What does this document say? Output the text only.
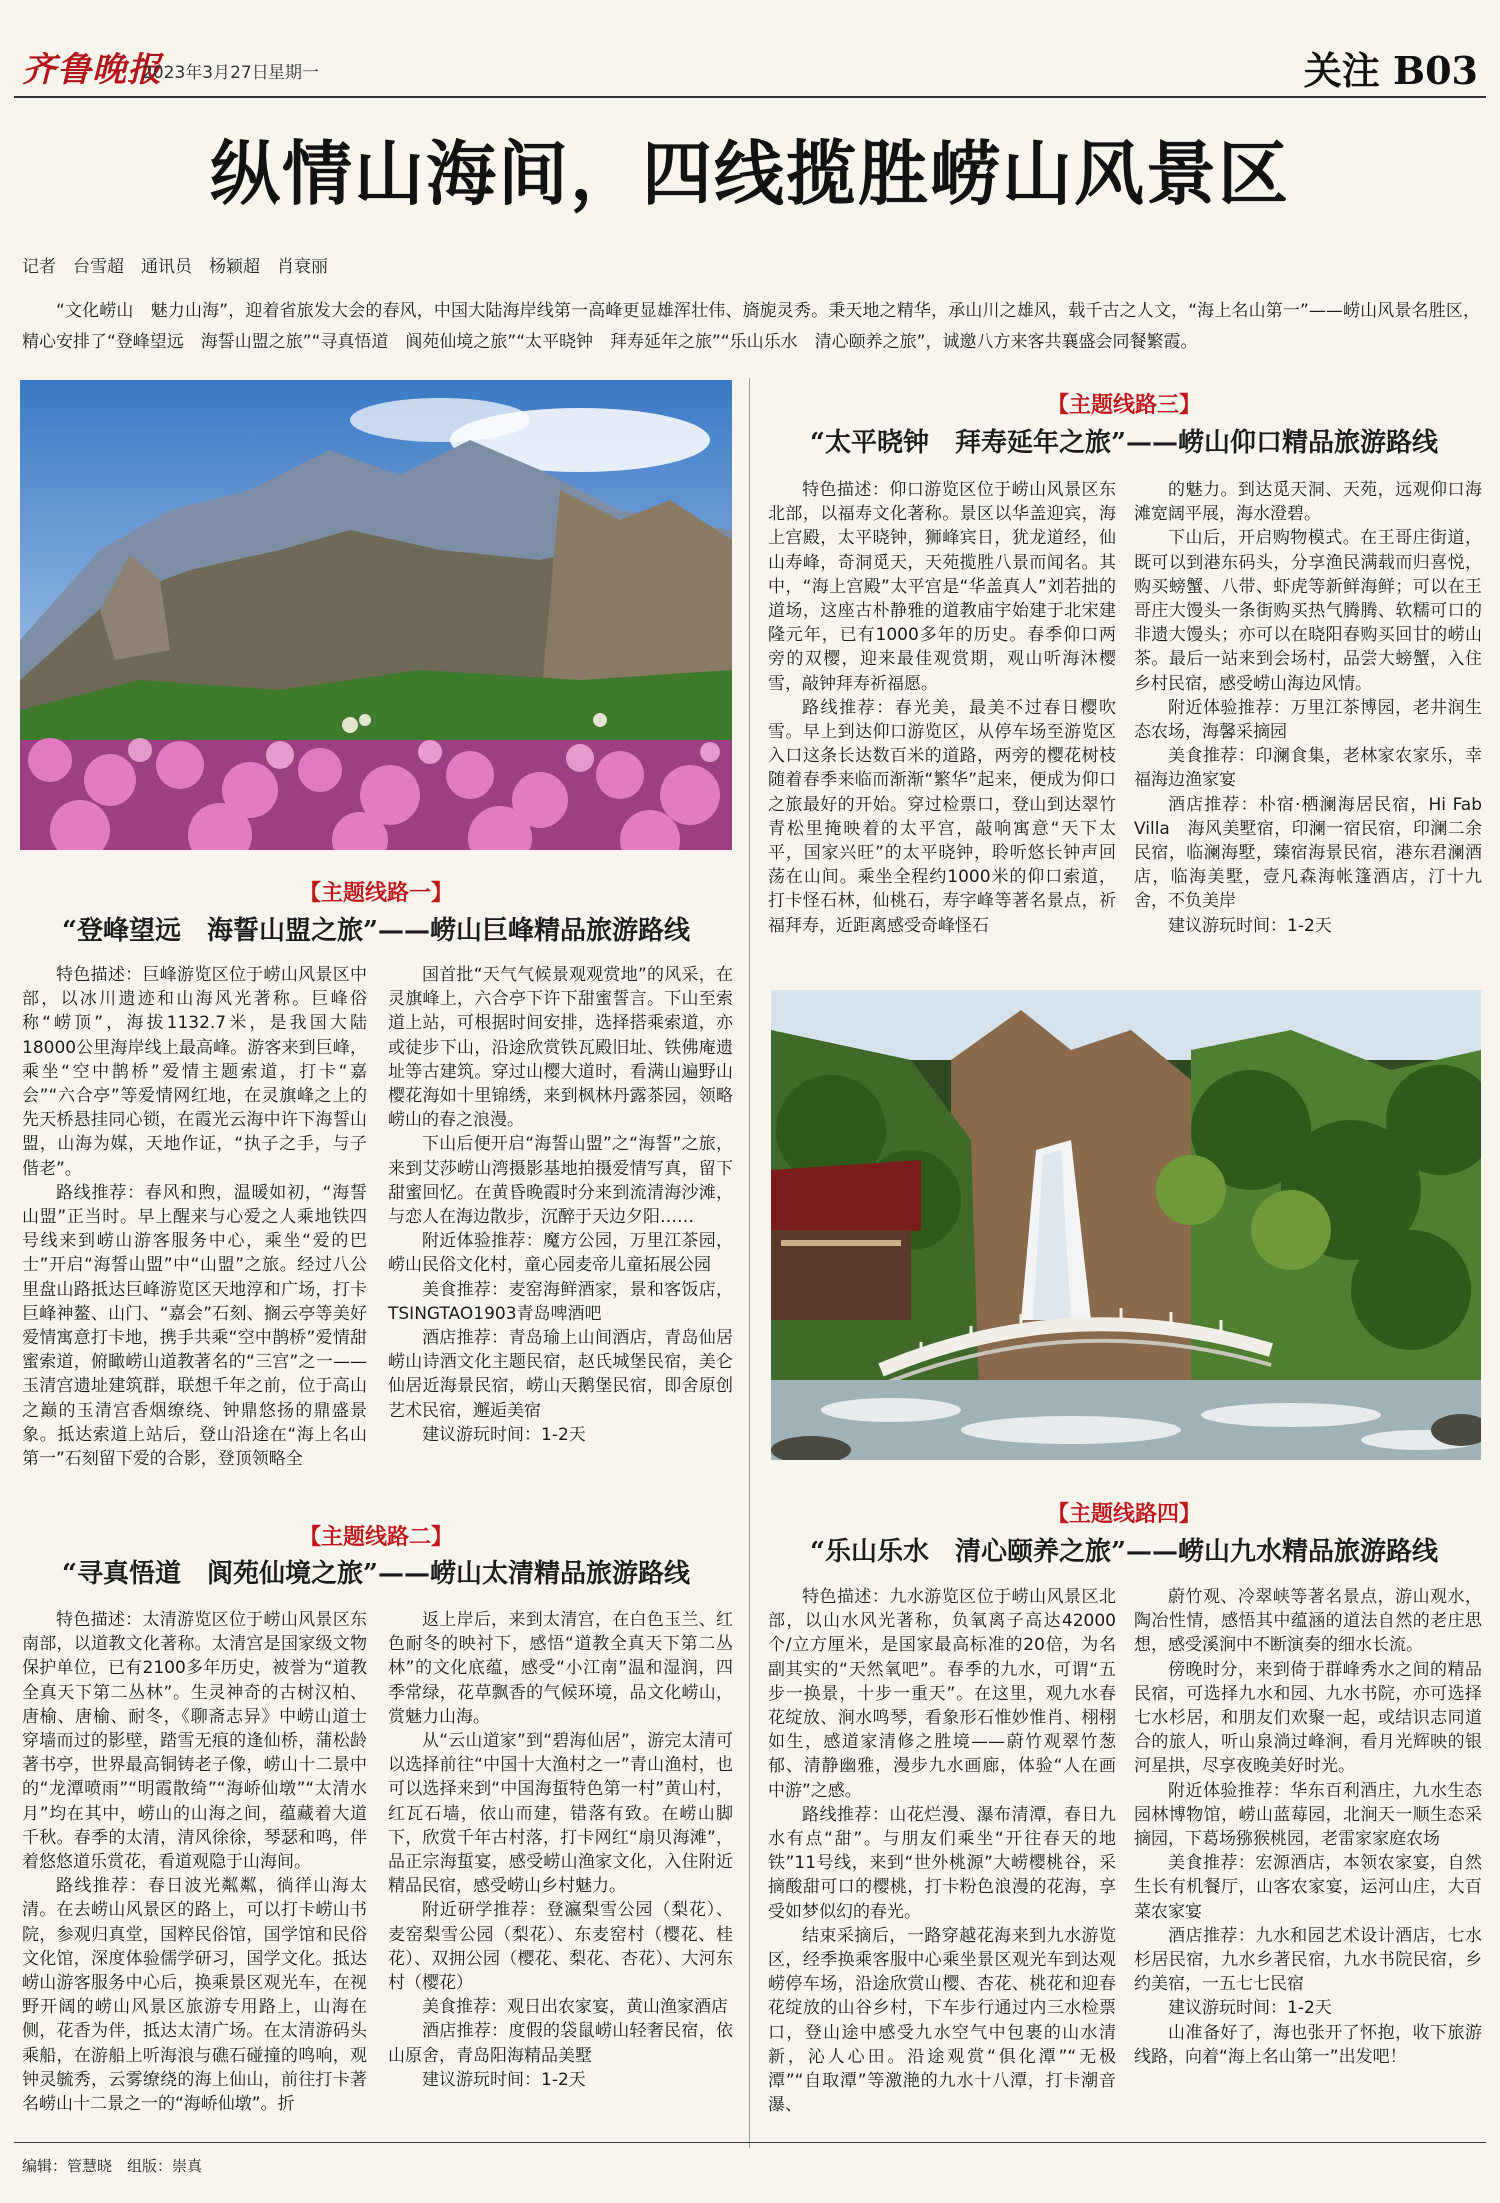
齐鲁晚报
2023年3月27日 星期一	关注 B03
纵情山海间，四线揽胜崂山风景区
记者　台雪超　通讯员　杨颖超　肖衰丽

“文化崂山　魅力山海”，迎着省旅发大会的春风，中国大陆海岸线第一高峰更显雄浑壮伟、旖旎灵秀。秉天地之精华，承山川之雄风，载千古之人文，“海上名山第一”——崂山风景名胜区，精心安排了“登峰望远　海誓山盟之旅”“寻真悟道　阆苑仙境之旅”“太平晓钟　拜寿延年之旅”“乐山乐水　清心颐养之旅”，诚邀八方来客共襄盛会同餐繁霞。

【主题线路一】
“登峰望远　海誓山盟之旅”——崂山巨峰精品旅游路线

特色描述：巨峰游览区位于崂山风景区中部，以冰川遗迹和山海风光著称。巨峰俗称“崂顶”，海拔1132.7米，是我国大陆18000公里海岸线上最高峰。游客来到巨峰，乘坐“空中鹊桥”爱情主题索道，打卡“嘉会”“六合亭”等爱情网红地，在灵旗峰之上的先天桥悬挂同心锁，在霞光云海中许下海誓山盟，山海为媒，天地作证，“执子之手，与子偕老”。

路线推荐：春风和煦，温暖如初，“海誓山盟”正当时。早上醒来与心爱之人乘地铁四号线来到崂山游客服务中心，乘坐“爱的巴士”开启“海誓山盟”中“山盟”之旅。经过八公里盘山路抵达巨峰游览区天地淳和广场，打卡巨峰神鳌、山门、“嘉会”石刻、搁云亭等美好爱情寓意打卡地，携手共乘“空中鹊桥”爱情甜蜜索道，俯瞰崂山道教著名的“三宫”之一——玉清宫遗址建筑群，联想千年之前，位于高山之巅的玉清宫香烟缭绕、钟鼎悠扬的鼎盛景象。抵达索道上站后，登山沿途在“海上名山第一”石刻留下爱的合影，登顶领略全

国首批“天气气候景观观赏地”的风采，在灵旗峰上，六合亭下许下甜蜜誓言。下山至索道上站，可根据时间安排，选择搭乘索道，亦或徒步下山，沿途欣赏铁瓦殿旧址、铁佛庵遗址等古建筑。穿过山樱大道时，看满山遍野山樱花海如十里锦绣，来到枫林丹露茶园，领略崂山的春之浪漫。

下山后便开启“海誓山盟”之“海誓”之旅，来到艾莎崂山湾摄影基地拍摄爱情写真，留下甜蜜回忆。在黄昏晚霞时分来到流清海沙滩，与恋人在海边散步，沉醉于天边夕阳……

附近体验推荐：魔方公园，万里江茶园，崂山民俗文化村，童心园麦帝儿童拓展公园

美食推荐：麦窑海鲜酒家，景和客饭店，TSINGTAO1903青岛啤酒吧

酒店推荐：青岛瑜上山间酒店，青岛仙居崂山诗酒文化主题民宿，赵氏城堡民宿，美仑仙居近海景民宿，崂山天鹅堡民宿，即舍原创艺术民宿，邂逅美宿

建议游玩时间：1-2天

【主题线路二】
“寻真悟道　阆苑仙境之旅”——崂山太清精品旅游路线

特色描述：太清游览区位于崂山风景区东南部，以道教文化著称。太清宫是国家级文物保护单位，已有2100多年历史，被誉为“道教全真天下第二丛林”。生灵神奇的古树汉柏、唐榆、唐榆、耐冬，《聊斋志异》中崂山道士穿墙而过的影壁，踏雪无痕的逢仙桥，蒲松龄著书亭，世界最高铜铸老子像，崂山十二景中的“龙潭喷雨”“明霞散绮”“海峤仙墩”“太清水月”均在其中，崂山的山海之间，蕴藏着大道千秋。春季的太清，清风徐徐，琴瑟和鸣，伴着悠悠道乐赏花，看道观隐于山海间。

路线推荐：春日波光粼粼，徜徉山海太清。在去崂山风景区的路上，可以打卡崂山书院，参观归真堂，国粹民俗馆，国学馆和民俗文化馆，深度体验儒学研习，国学文化。抵达崂山游客服务中心后，换乘景区观光车，在视野开阔的崂山风景区旅游专用路上，山海在侧，花香为伴，抵达太清广场。在太清游码头乘船，在游船上听海浪与礁石碰撞的鸣响，观钟灵毓秀，云雾缭绕的海上仙山，前往打卡著名崂山十二景之一的“海峤仙墩”。折

返上岸后，来到太清宫，在白色玉兰、红色耐冬的映衬下，感悟“道教全真天下第二丛林”的文化底蕴，感受“小江南”温和湿润，四季常绿，花草飘香的气候环境，品文化崂山，赏魅力山海。

从“云山道家”到“碧海仙居”，游完太清可以选择前往“中国十大渔村之一”青山渔村，也可以选择来到“中国海蜇特色第一村”黄山村，红瓦石墙，依山而建，错落有致。在崂山脚下，欣赏千年古村落，打卡网红“扇贝海滩”，品正宗海蜇宴，感受崂山渔家文化，入住附近精品民宿，感受崂山乡村魅力。

附近研学推荐：登瀛梨雪公园（梨花）、麦窑梨雪公园（梨花）、东麦窑村（樱花、桂花）、双拥公园（樱花、梨花、杏花）、大河东村（樱花）

美食推荐：观日出农家宴，黄山渔家酒店

酒店推荐：度假的袋鼠崂山轻奢民宿，依山原舍，青岛阳海精品美墅

建议游玩时间：1-2天

【主题线路三】
“太平晓钟　拜寿延年之旅”——崂山仰口精品旅游路线

特色描述：仰口游览区位于崂山风景区东北部，以福寿文化著称。景区以华盖迎宾，海上宫殿，太平晓钟，狮峰宾日，犹龙道经，仙山寿峰，奇洞觅天，天苑揽胜八景而闻名。其中，“海上宫殿”太平宫是“华盖真人”刘若拙的道场，这座古朴静雅的道教庙宇始建于北宋建隆元年，已有1000多年的历史。春季仰口两旁的双樱，迎来最佳观赏期，观山听海沐樱雪，敲钟拜寿祈福愿。

路线推荐：春光美，最美不过春日樱吹雪。早上到达仰口游览区，从停车场至游览区入口这条长达数百米的道路，两旁的樱花树枝随着春季来临而渐渐“繁华”起来，便成为仰口之旅最好的开始。穿过检票口，登山到达翠竹青松里掩映着的太平宫，敲响寓意“天下太平，国家兴旺”的太平晓钟，聆听悠长钟声回荡在山间。乘坐全程约1000米的仰口索道，打卡怪石林，仙桃石，寿字峰等著名景点，祈福拜寿，近距离感受奇峰怪石

的魅力。到达觅天洞、天苑，远观仰口海滩宽阔平展，海水澄碧。

下山后，开启购物模式。在王哥庄街道，既可以到港东码头，分享渔民满载而归喜悦，购买螃蟹、八带、虾虎等新鲜海鲜；可以在王哥庄大馒头一条街购买热气腾腾、软糯可口的非遗大馒头；亦可以在晓阳春购买回甘的崂山茶。最后一站来到会场村，品尝大螃蟹，入住乡村民宿，感受崂山海边风情。

附近体验推荐：万里江茶博园，老井润生态农场，海馨采摘园

美食推荐：印澜食集，老林家农家乐，幸福海边渔家宴

酒店推荐：朴宿·栖澜海居民宿，Hi Fab Villa　海风美墅宿，印澜一宿民宿，印澜二余民宿，临澜海墅，臻宿海景民宿，港东君澜酒店，临海美墅，壹凡森海帐篷酒店，汀十九舍，不负美岸

建议游玩时间：1-2天

【主题线路四】
“乐山乐水　清心颐养之旅”——崂山九水精品旅游路线

特色描述：九水游览区位于崂山风景区北部，以山水风光著称，负氧离子高达42000个/立方厘米，是国家最高标准的20倍，为名副其实的“天然氧吧”。春季的九水，可谓“五步一换景，十步一重天”。在这里，观九水春花绽放、涧水鸣琴，看象形石惟妙惟肖、栩栩如生，感道家清修之胜境——蔚竹观翠竹葱郁、清静幽雅，漫步九水画廊，体验“人在画中游”之感。

路线推荐：山花烂漫、瀑布清潭，春日九水有点“甜”。与朋友们乘坐“开往春天的地铁”11号线，来到“世外桃源”大崂樱桃谷，采摘酸甜可口的樱桃，打卡粉色浪漫的花海，享受如梦似幻的春光。

结束采摘后，一路穿越花海来到九水游览区，经季换乘客服中心乘坐景区观光车到达观崂停车场，沿途欣赏山樱、杏花、桃花和迎春花绽放的山谷乡村，下车步行通过内三水检票口，登山途中感受九水空气中包裹的山水清新，沁人心田。沿途观赏“俱化潭”“无极潭”“自取潭”等激滟的九水十八潭，打卡潮音瀑、

蔚竹观、冷翠峡等著名景点，游山观水，陶冶性情，感悟其中蕴涵的道法自然的老庄思想，感受溪涧中不断演奏的细水长流。

傍晚时分，来到倚于群峰秀水之间的精品民宿，可选择九水和园、九水书院，亦可选择七水杉居，和朋友们欢聚一起，或结识志同道合的旅人，听山泉淌过峰涧，看月光辉映的银河星拱，尽享夜晚美好时光。

附近体验推荐：华东百利酒庄，九水生态园林博物馆，崂山蓝莓园，北涧天一顺生态采摘园，下葛场猕猴桃园，老雷家家庭农场

美食推荐：宏源酒店，本领农家宴，自然生长有机餐厅，山客农家宴，运河山庄，大百菜农家宴

酒店推荐：九水和园艺术设计酒店，七水杉居民宿，九水乡著民宿，九水书院民宿，乡约美宿，一五七七民宿

建议游玩时间：1-2天

山准备好了，海也张开了怀抱，收下旅游线路，向着“海上名山第一”出发吧！

编辑：管慧晓　组版：崇真
